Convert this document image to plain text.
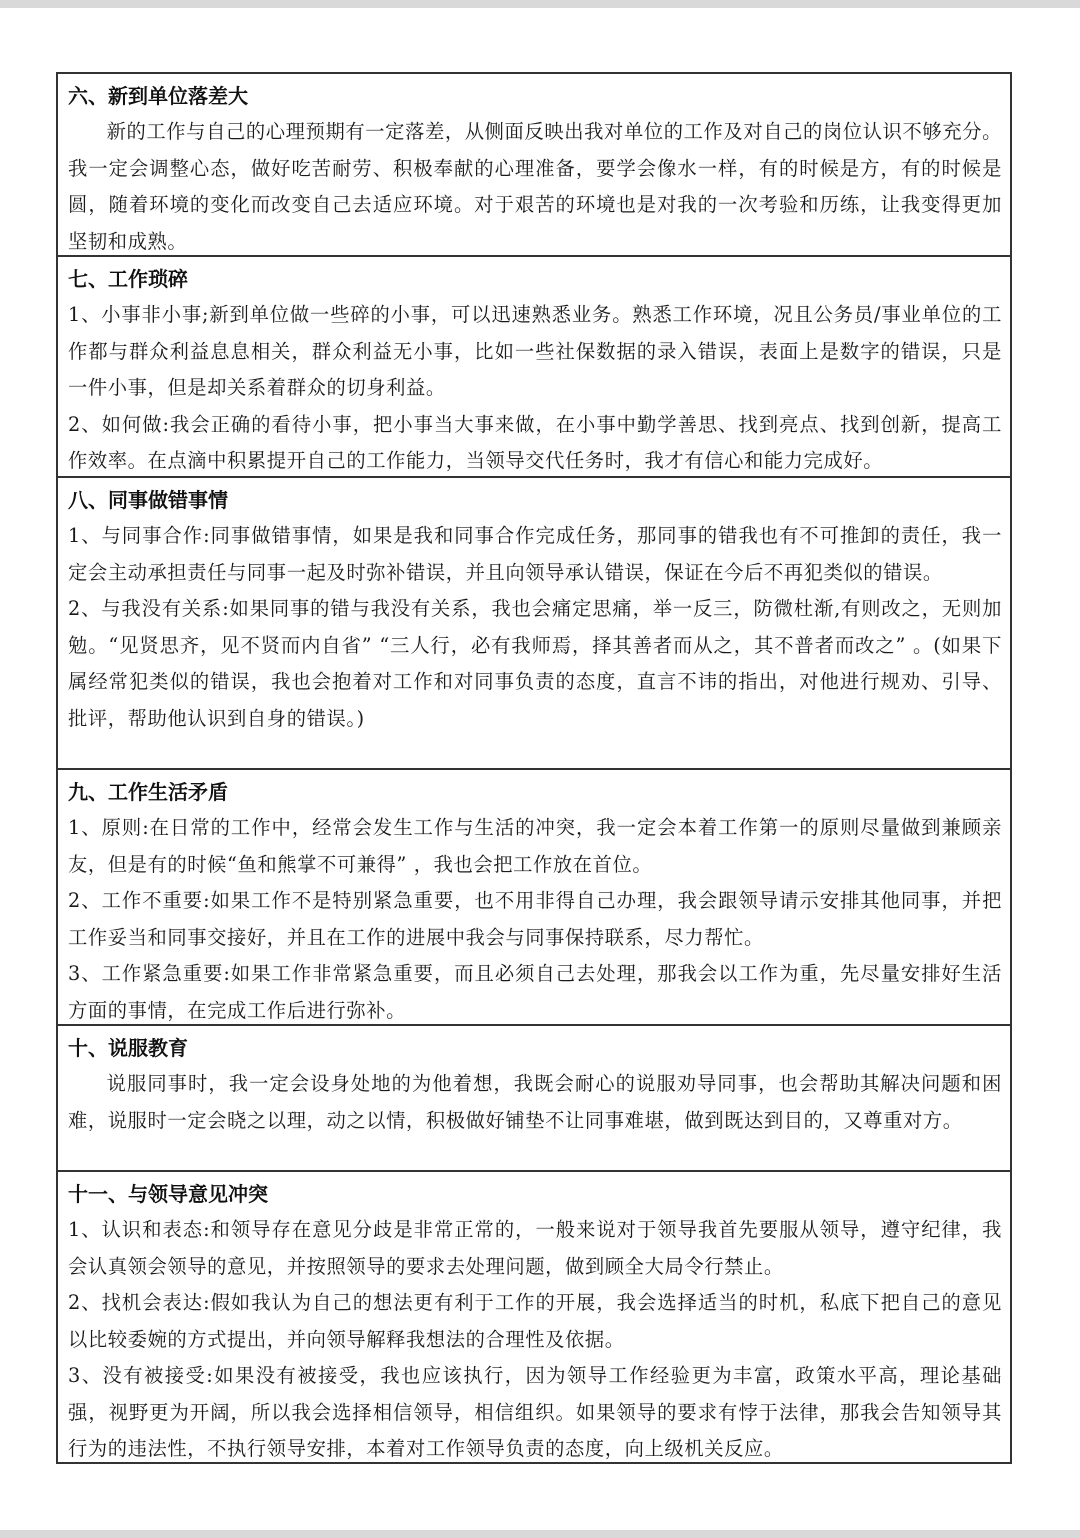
六、新到单位落差大

新的工作与自己的心理预期有一定落差，从侧面反映出我对单位的工作及对自己的岗位认识不够充分。我一定会调整心态，做好吃苦耐劳、积极奉献的心理准备，要学会像水一样，有的时候是方，有的时候是圆，随着环境的变化而改变自己去适应环境。对于艰苦的环境也是对我的一次考验和历练，让我变得更加坚韧和成熟。

七、工作琐碎

1、小事非小事;新到单位做一些碎的小事，可以迅速熟悉业务。熟悉工作环境，况且公务员/事业单位的工作都与群众利益息息相关，群众利益无小事，比如一些社保数据的录入错误，表面上是数字的错误，只是一件小事，但是却关系着群众的切身利益。

2、如何做:我会正确的看待小事，把小事当大事来做，在小事中勤学善思、找到亮点、找到创新，提高工作效率。在点滴中积累提开自己的工作能力，当领导交代任务时，我才有信心和能力完成好。

八、同事做错事情

1、与同事合作:同事做错事情，如果是我和同事合作完成任务，那同事的错我也有不可推卸的责任，我一定会主动承担责任与同事一起及时弥补错误，并且向领导承认错误，保证在今后不再犯类似的错误。

2、与我没有关系:如果同事的错与我没有关系，我也会痛定思痛，举一反三，防微杜渐,有则改之，无则加勉。“见贤思齐，见不贤而内自省” “三人行，必有我师焉，择其善者而从之，其不普者而改之” 。(如果下属经常犯类似的错误，我也会抱着对工作和对同事负责的态度，直言不讳的指出，对他进行规劝、引导、批评，帮助他认识到自身的错误。)

九、工作生活矛盾

1、原则:在日常的工作中，经常会发生工作与生活的冲突，我一定会本着工作第一的原则尽量做到兼顾亲友，但是有的时候“鱼和熊掌不可兼得” ，我也会把工作放在首位。

2、工作不重要:如果工作不是特别紧急重要，也不用非得自己办理，我会跟领导请示安排其他同事，并把工作妥当和同事交接好，并且在工作的进展中我会与同事保持联系，尽力帮忙。

3、工作紧急重要:如果工作非常紧急重要，而且必须自己去处理，那我会以工作为重，先尽量安排好生活方面的事情，在完成工作后进行弥补。

十、说服教育

说服同事时，我一定会设身处地的为他着想，我既会耐心的说服劝导同事，也会帮助其解决问题和困难，说服时一定会晓之以理，动之以情，积极做好铺垫不让同事难堪，做到既达到目的，又尊重对方。

十一、与领导意见冲突

1、认识和表态:和领导存在意见分歧是非常正常的，一般来说对于领导我首先要服从领导，遵守纪律，我会认真领会领导的意见，并按照领导的要求去处理问题，做到顾全大局令行禁止。

2、找机会表达:假如我认为自己的想法更有利于工作的开展，我会选择适当的时机，私底下把自己的意见以比较委婉的方式提出，并向领导解释我想法的合理性及依据。

3、没有被接受:如果没有被接受，我也应该执行，因为领导工作经验更为丰富，政策水平高，理论基础强，视野更为开阔，所以我会选择相信领导，相信组织。如果领导的要求有悖于法律，那我会告知领导其行为的违法性，不执行领导安排，本着对工作领导负责的态度，向上级机关反应。
